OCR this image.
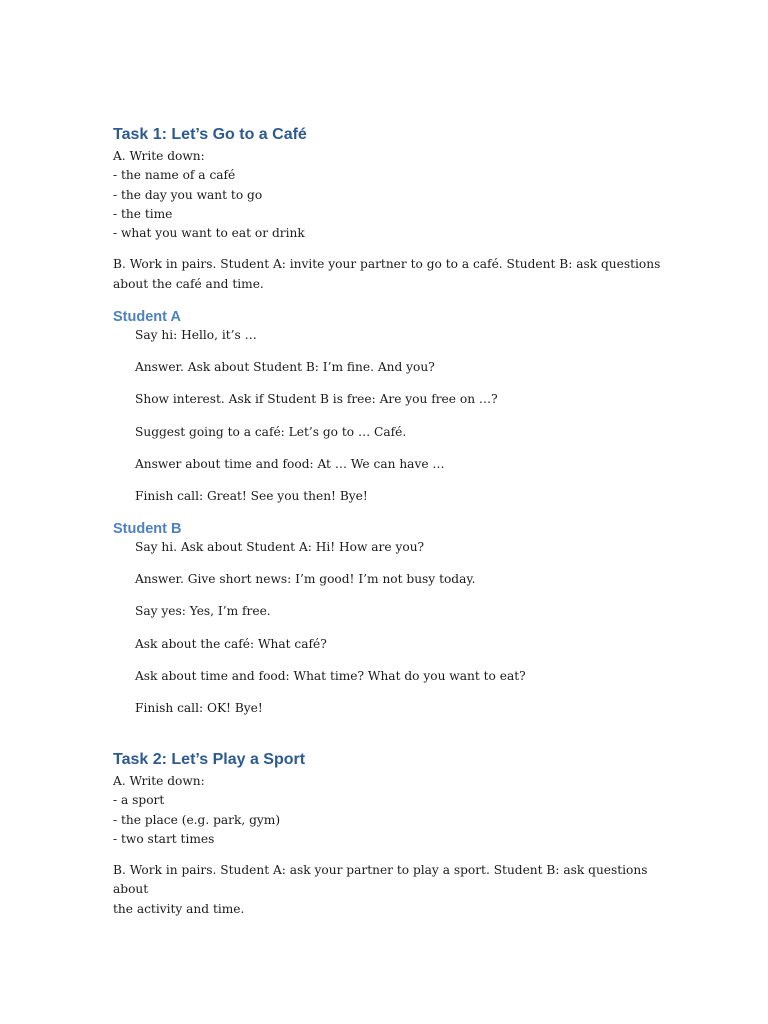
Task 1: Let’s Go to a Café

A. Write down:

- the name of a café

- the day you want to go

- the time

- what you want to eat or drink

B. Work in pairs. Student A: invite your partner to go to a café. Student B: ask questions
about the café and time.

Student A

Say hi: Hello, it’s …

Answer. Ask about Student B: I’m fine. And you?

Show interest. Ask if Student B is free: Are you free on …?

Suggest going to a café: Let’s go to … Café.

Answer about time and food: At … We can have …

Finish call: Great! See you then! Bye!

Student B

Say hi. Ask about Student A: Hi! How are you?

Answer. Give short news: I’m good! I’m not busy today.

Say yes: Yes, I’m free.

Ask about the café: What café?

Ask about time and food: What time? What do you want to eat?

Finish call: OK! Bye!

Task 2: Let’s Play a Sport

A. Write down:

- a sport

- the place (e.g. park, gym)

- two start times

B. Work in pairs. Student A: ask your partner to play a sport. Student B: ask questions about
the activity and time.
